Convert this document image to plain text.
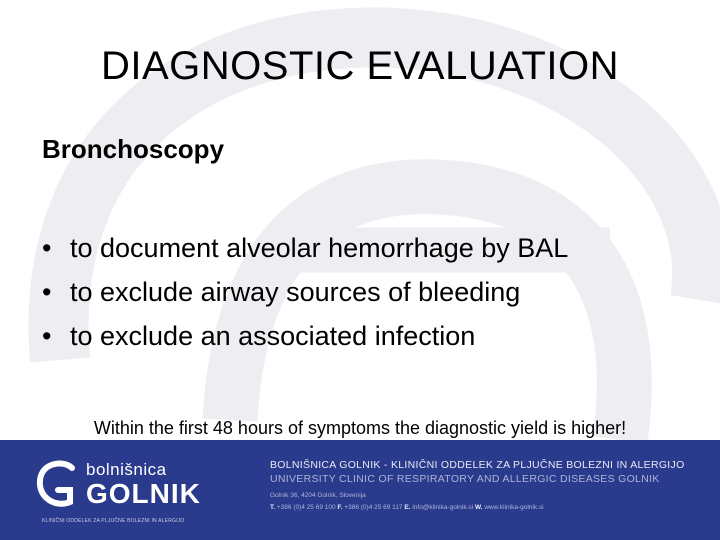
DIAGNOSTIC EVALUATION
Bronchoscopy
• to document alveolar hemorrhage by BAL
• to exclude airway sources of bleeding
• to exclude an associated infection
Within the first 48 hours of symptoms the diagnostic yield is higher!
bolnišnica
GOLNIK
KLINIČNI ODDELEK ZA PLJUČNE BOLEZNI IN ALERGIJO
BOLNIŠNICA GOLNIK - KLINIČNI ODDELEK ZA PLJUČNE BOLEZNI IN ALERGIJO
UNIVERSITY CLINIC OF RESPIRATORY AND ALLERGIC DISEASES GOLNIK
Golnik 36, 4204 Golnik, Slovenija
T. +386 (0)4 25 69 100 F. +386 (0)4 25 69 117 E. info@klinika-golnik.si W. www.klinika-golnik.si
